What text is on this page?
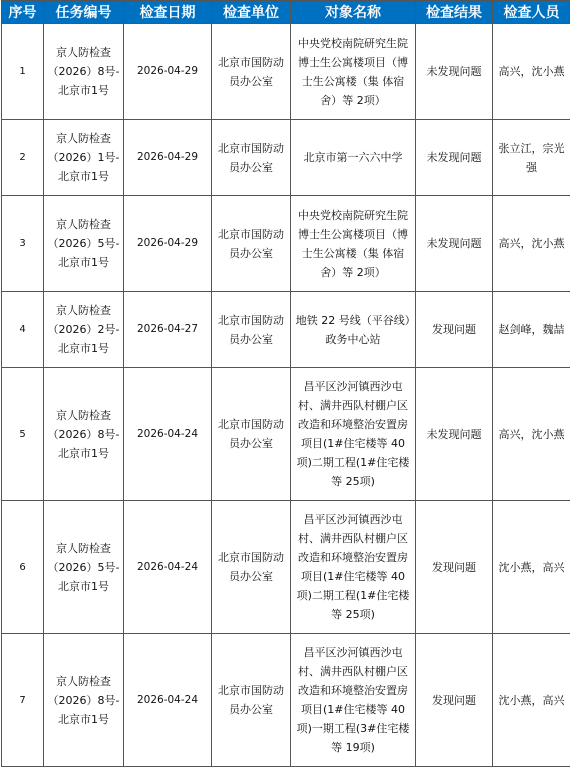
序号	任务编号	检查日期	检查单位	对象名称	检查结果	检查人员
1	京人防检查（2026）8号-北京市1号	2026-04-29	北京市国防动员办公室	中央党校南院研究生院博士生公寓楼项目（博士生公寓楼（集 体宿舍）等 2项）	未发现问题	高兴，沈小燕
2	京人防检查（2026）1号-北京市1号	2026-04-29	北京市国防动员办公室	北京市第一六六中学	未发现问题	张立江，宗光强
3	京人防检查（2026）5号-北京市1号	2026-04-29	北京市国防动员办公室	中央党校南院研究生院博士生公寓楼项目（博士生公寓楼（集 体宿舍）等 2项）	未发现问题	高兴，沈小燕
4	京人防检查（2026）2号-北京市1号	2026-04-27	北京市国防动员办公室	地铁 22 号线（平谷线）政务中心站	发现问题	赵剑峰，魏喆
5	京人防检查（2026）8号-北京市1号	2026-04-24	北京市国防动员办公室	昌平区沙河镇西沙屯村、满井西队村棚户区改造和环境整治安置房项目(1#住宅楼等 40项)二期工程(1#住宅楼等 25项)	未发现问题	高兴，沈小燕
6	京人防检查（2026）5号-北京市1号	2026-04-24	北京市国防动员办公室	昌平区沙河镇西沙屯村、满井西队村棚户区改造和环境整治安置房项目(1#住宅楼等 40项)二期工程(1#住宅楼等 25项)	发现问题	沈小燕，高兴
7	京人防检查（2026）8号-北京市1号	2026-04-24	北京市国防动员办公室	昌平区沙河镇西沙屯村、满井西队村棚户区改造和环境整治安置房项目(1#住宅楼等 40项)一期工程(3#住宅楼等 19项)	发现问题	沈小燕，高兴
